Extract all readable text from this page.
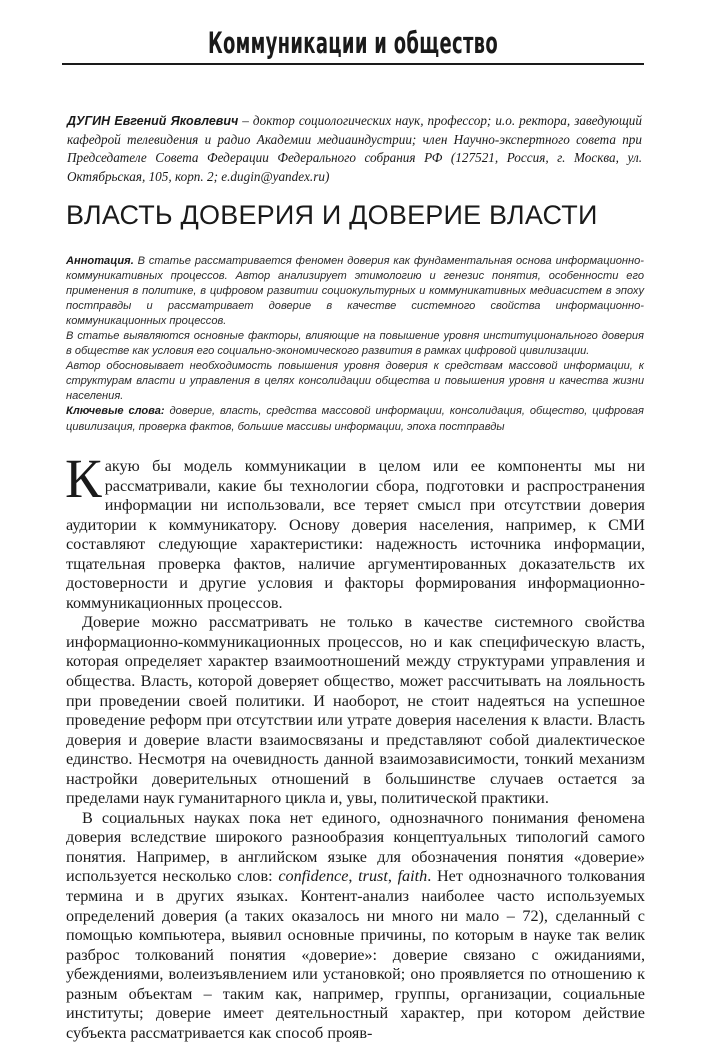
Коммуникации и общество
ДУГИН Евгений Яковлевич – доктор социологических наук, профессор; и.о. ректора, заведующий кафедрой телевидения и радио Академии медиаиндустрии; член Научно-экспертного совета при Председателе Совета Федерации Федерального собрания РФ (127521, Россия, г. Москва, ул. Октябрьская, 105, корп. 2; e.dugin@yandex.ru)
ВЛАСТЬ ДОВЕРИЯ И ДОВЕРИЕ ВЛАСТИ

Аннотация. В статье рассматривается феномен доверия как фундаментальная основа информационно-коммуникативных процессов. Автор анализирует этимологию и генезис понятия, особенности его применения в политике, в цифровом развитии социокультурных и коммуникативных медиасистем в эпоху постправды и рассматривает доверие в качестве системного свойства информационно-коммуникационных процессов.

В статье выявляются основные факторы, влияющие на повышение уровня институционального доверия в обществе как условия его социально-экономического развития в рамках цифровой цивилизации.

Автор обосновывает необходимость повышения уровня доверия к средствам массовой информации, к структурам власти и управления в целях консолидации общества и повышения уровня и качества жизни населения.

Ключевые слова: доверие, власть, средства массовой информации, консолидация, общество, цифровая цивилизация, проверка фактов, большие массивы информации, эпоха постправды

Какую бы модель коммуникации в целом или ее компоненты мы ни рассматривали, какие бы технологии сбора, подготовки и распространения информации ни использовали, все теряет смысл при отсутствии доверия аудитории к коммуникатору. Основу доверия населения, например, к СМИ составляют следующие характеристики: надежность источника информации, тщательная проверка фактов, наличие аргументированных доказательств их достоверности и другие условия и факторы формирования информационно-коммуникационных процессов.

Доверие можно рассматривать не только в качестве системного свойства информационно-коммуникационных процессов, но и как специфическую власть, которая определяет характер взаимоотношений между структурами управления и общества. Власть, которой доверяет общество, может рассчитывать на лояльность при проведении своей политики. И наоборот, не стоит надеяться на успешное проведение реформ при отсутствии или утрате доверия населения к власти. Власть доверия и доверие власти взаимосвязаны и представляют собой диалектическое единство. Несмотря на очевидность данной взаимозависимости, тонкий механизм настройки доверительных отношений в большинстве случаев остается за пределами наук гуманитарного цикла и, увы, политической практики.

В социальных науках пока нет единого, однозначного понимания феномена доверия вследствие широкого разнообразия концептуальных типологий самого понятия. Например, в английском языке для обозначения понятия «доверие» используется несколько слов: confidence, trust, faith. Нет однозначного толкования термина и в других языках. Контент-анализ наиболее часто используемых определений доверия (а таких оказалось ни много ни мало – 72), сделанный с помощью компьютера, выявил основные причины, по которым в науке так велик разброс толкований понятия «доверие»: доверие связано с ожиданиями, убеждениями, волеизъявлением или установкой; оно проявляется по отношению к разным объектам – таким как, например, группы, организации, социальные институты; доверие имеет деятельностный характер, при котором действие субъекта рассматривается как способ прояв-
